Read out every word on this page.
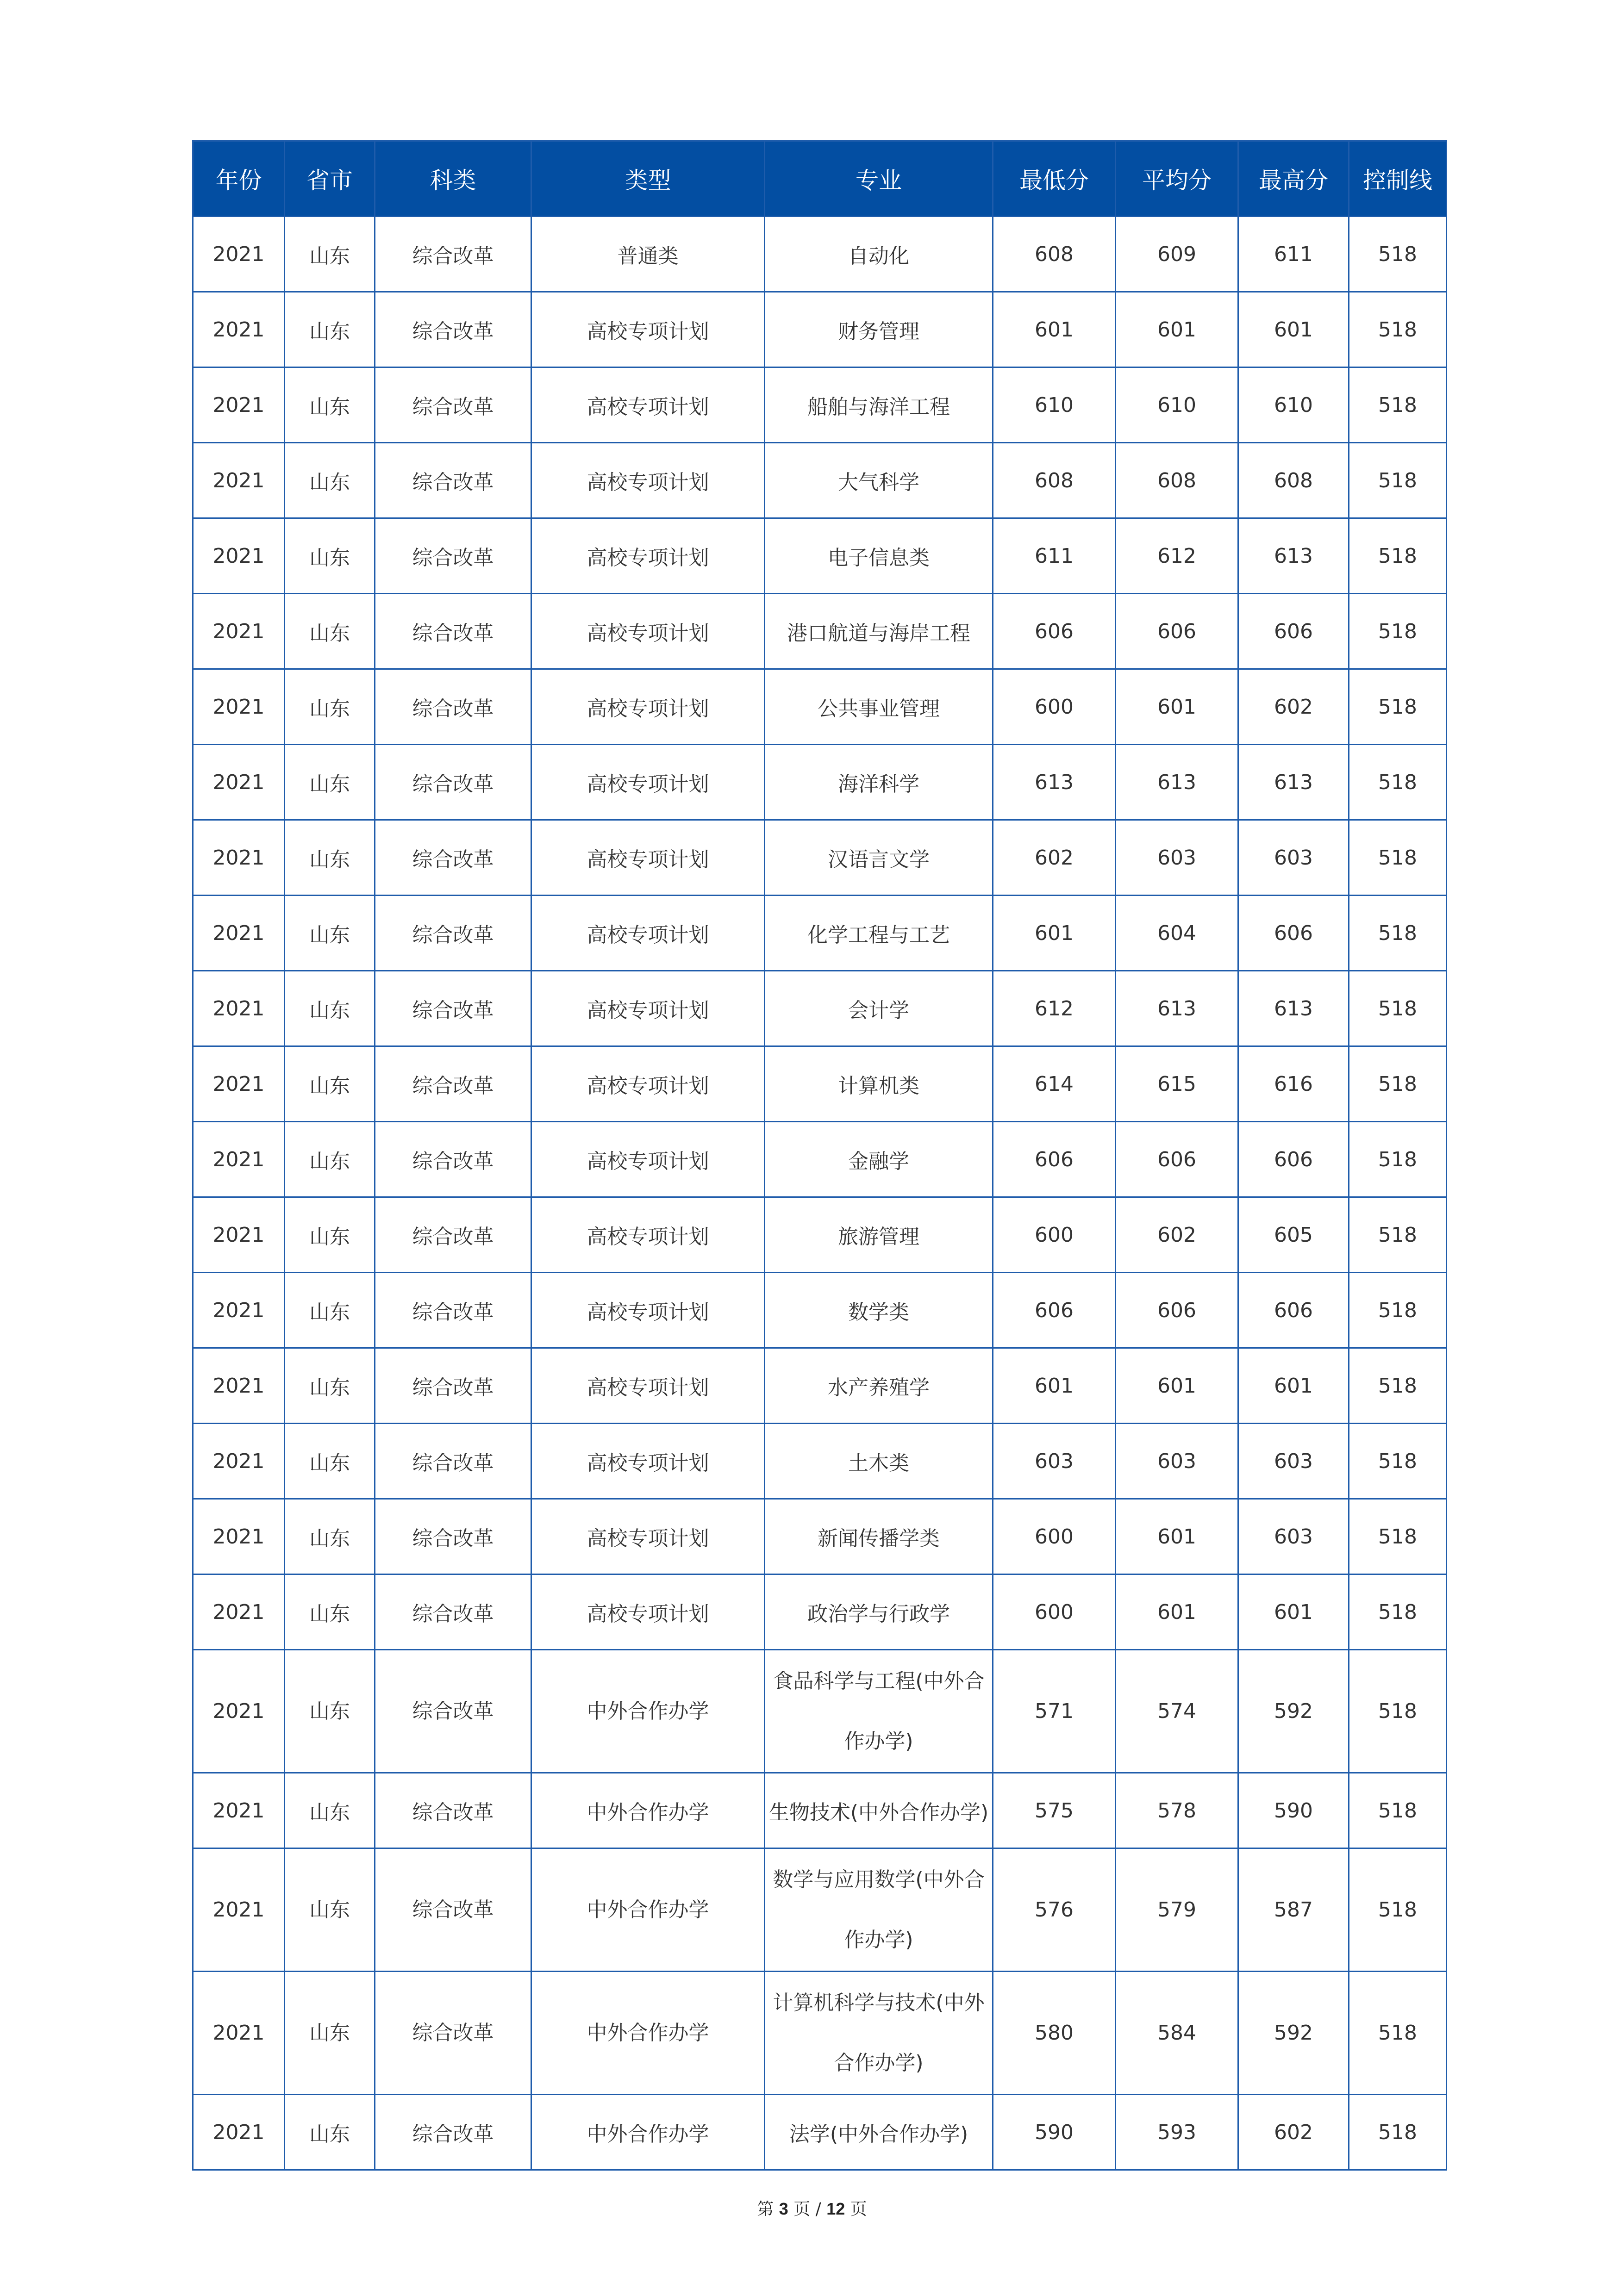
年份	省市	科类	类型	专业	最低分	平均分	最高分	控制线
2021	山东	综合改革	普通类	自动化	608	609	611	518
2021	山东	综合改革	高校专项计划	财务管理	601	601	601	518
2021	山东	综合改革	高校专项计划	船舶与海洋工程	610	610	610	518
2021	山东	综合改革	高校专项计划	大气科学	608	608	608	518
2021	山东	综合改革	高校专项计划	电子信息类	611	612	613	518
2021	山东	综合改革	高校专项计划	港口航道与海岸工程	606	606	606	518
2021	山东	综合改革	高校专项计划	公共事业管理	600	601	602	518
2021	山东	综合改革	高校专项计划	海洋科学	613	613	613	518
2021	山东	综合改革	高校专项计划	汉语言文学	602	603	603	518
2021	山东	综合改革	高校专项计划	化学工程与工艺	601	604	606	518
2021	山东	综合改革	高校专项计划	会计学	612	613	613	518
2021	山东	综合改革	高校专项计划	计算机类	614	615	616	518
2021	山东	综合改革	高校专项计划	金融学	606	606	606	518
2021	山东	综合改革	高校专项计划	旅游管理	600	602	605	518
2021	山东	综合改革	高校专项计划	数学类	606	606	606	518
2021	山东	综合改革	高校专项计划	水产养殖学	601	601	601	518
2021	山东	综合改革	高校专项计划	土木类	603	603	603	518
2021	山东	综合改革	高校专项计划	新闻传播学类	600	601	603	518
2021	山东	综合改革	高校专项计划	政治学与行政学	600	601	601	518
2021	山东	综合改革	中外合作办学	食品科学与工程(中外合作办学)	571	574	592	518
2021	山东	综合改革	中外合作办学	生物技术(中外合作办学)	575	578	590	518
2021	山东	综合改革	中外合作办学	数学与应用数学(中外合作办学)	576	579	587	518
2021	山东	综合改革	中外合作办学	计算机科学与技术(中外合作办学)	580	584	592	518
2021	山东	综合改革	中外合作办学	法学(中外合作办学)	590	593	602	518
第 3 页 / 12 页
